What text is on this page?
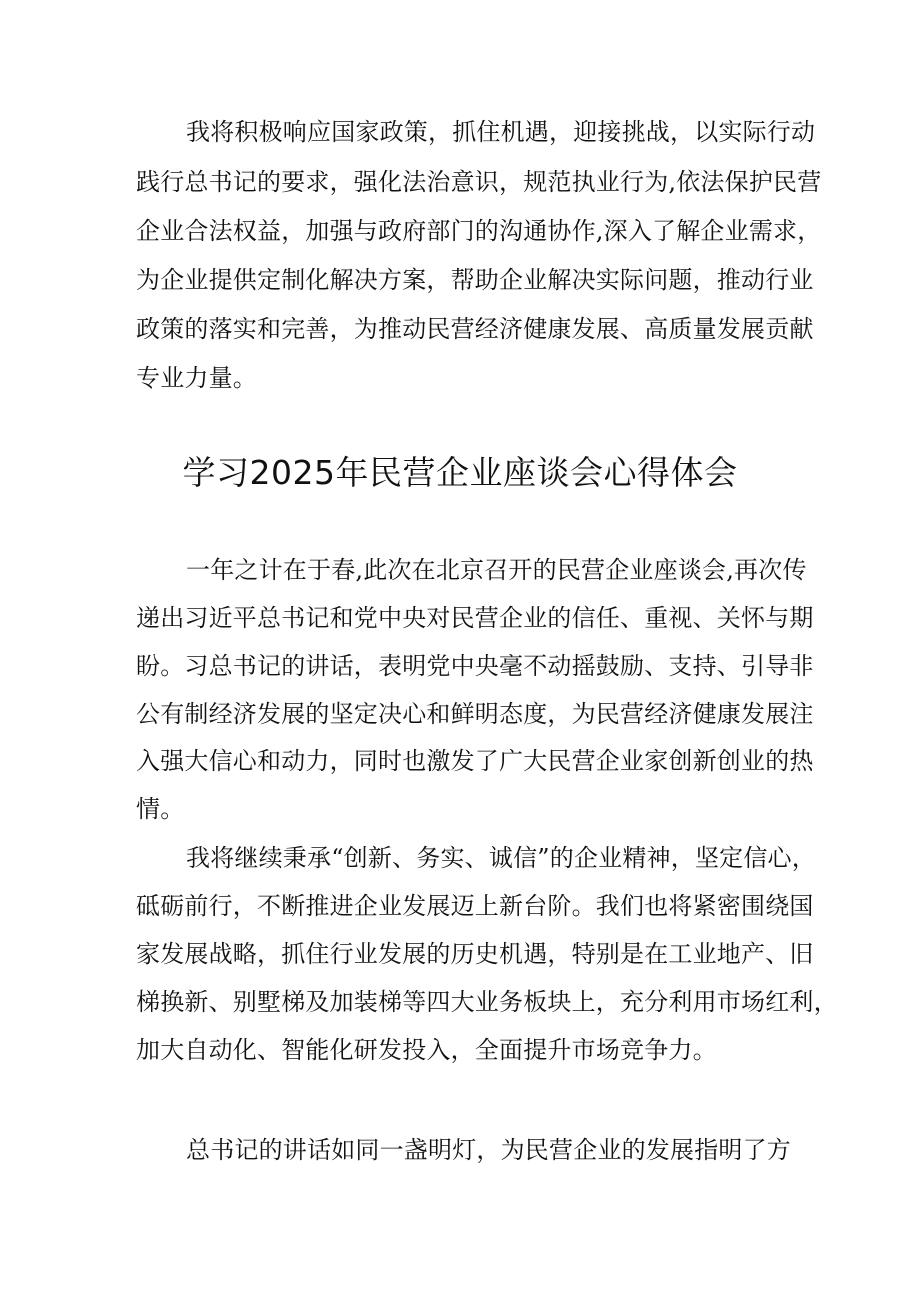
我将积极响应国家政策，抓住机遇，迎接挑战，以实际行动
践行总书记的要求，强化法治意识，规范执业行为,依法保护民营
企业合法权益，加强与政府部门的沟通协作,深入了解企业需求，
为企业提供定制化解决方案，帮助企业解决实际问题，推动行业
政策的落实和完善，为推动民营经济健康发展、高质量发展贡献
专业力量。
学习2025年民营企业座谈会心得体会
一年之计在于春,此次在北京召开的民营企业座谈会,再次传
递出习近平总书记和党中央对民营企业的信任、重视、关怀与期
盼。习总书记的讲话，表明党中央毫不动摇鼓励、支持、引导非
公有制经济发展的坚定决心和鲜明态度，为民营经济健康发展注
入强大信心和动力，同时也激发了广大民营企业家创新创业的热
情。
我将继续秉承“创新、务实、诚信”的企业精神，坚定信心，
砥砺前行，不断推进企业发展迈上新台阶。我们也将紧密围绕国
家发展战略，抓住行业发展的历史机遇，特别是在工业地产、旧
梯换新、别墅梯及加装梯等四大业务板块上，充分利用市场红利，
加大自动化、智能化研发投入，全面提升市场竞争力。
总书记的讲话如同一盏明灯，为民营企业的发展指明了方
